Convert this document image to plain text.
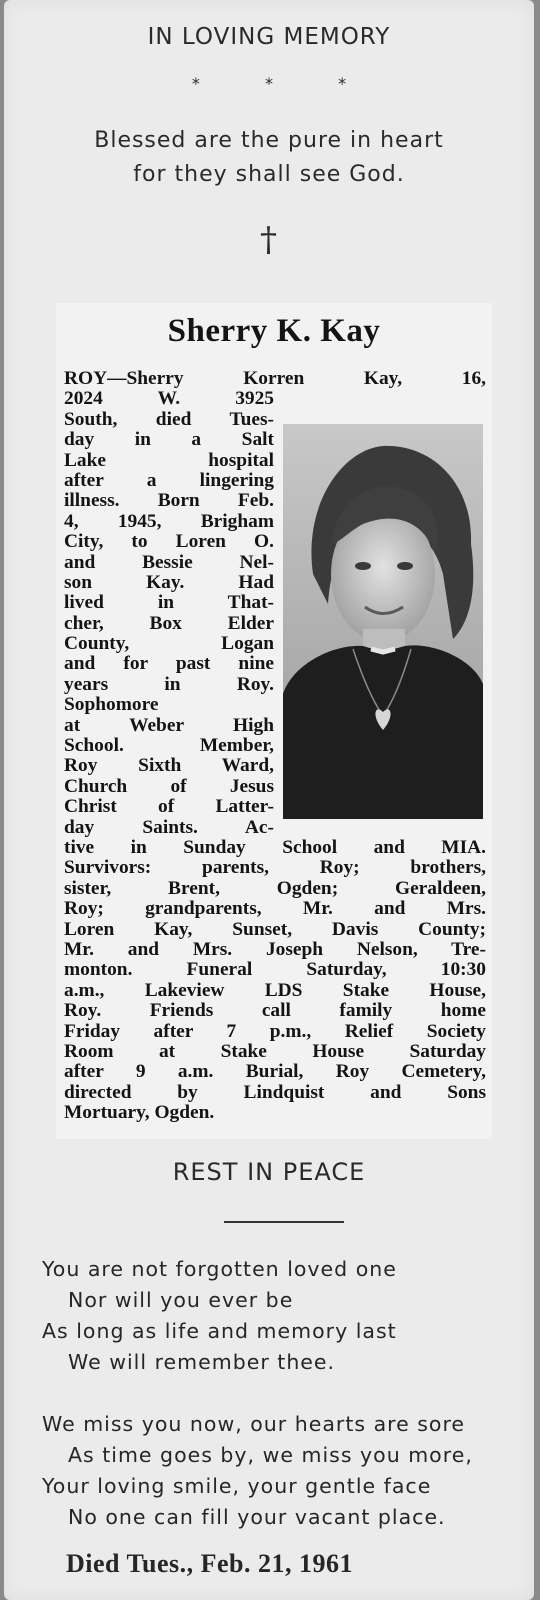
IN LOVING MEMORY
* * *
Blessed are the pure in heart
for they shall see God.
†
Sherry K. Kay
ROY—Sherry Korren Kay, 16,
2024 W. 3925
South, died Tues-
day in a Salt
Lake hospital
after a lingering
illness. Born Feb.
4, 1945, Brigham
City, to Loren O.
and Bessie Nel-
son Kay. Had
lived in That-
cher, Box Elder
County, Logan
and for past nine
years in Roy.
Sophomore
at Weber High
School. Member,
Roy Sixth Ward,
Church of Jesus
Christ of Latter-
day Saints. Ac-
tive in Sunday School and MIA.
Survivors: parents, Roy; brothers,
sister, Brent, Ogden; Geraldeen,
Roy; grandparents, Mr. and Mrs.
Loren Kay, Sunset, Davis County;
Mr. and Mrs. Joseph Nelson, Tre-
monton. Funeral Saturday, 10:30
a.m., Lakeview LDS Stake House,
Roy. Friends call family home
Friday after 7 p.m., Relief Society
Room at Stake House Saturday
after 9 a.m. Burial, Roy Cemetery,
directed by Lindquist and Sons
Mortuary, Ogden.
REST IN PEACE
You are not forgotten loved one
Nor will you ever be
As long as life and memory last
We will remember thee.
We miss you now, our hearts are sore
As time goes by, we miss you more,
Your loving smile, your gentle face
No one can fill your vacant place.
Died Tues., Feb. 21, 1961
